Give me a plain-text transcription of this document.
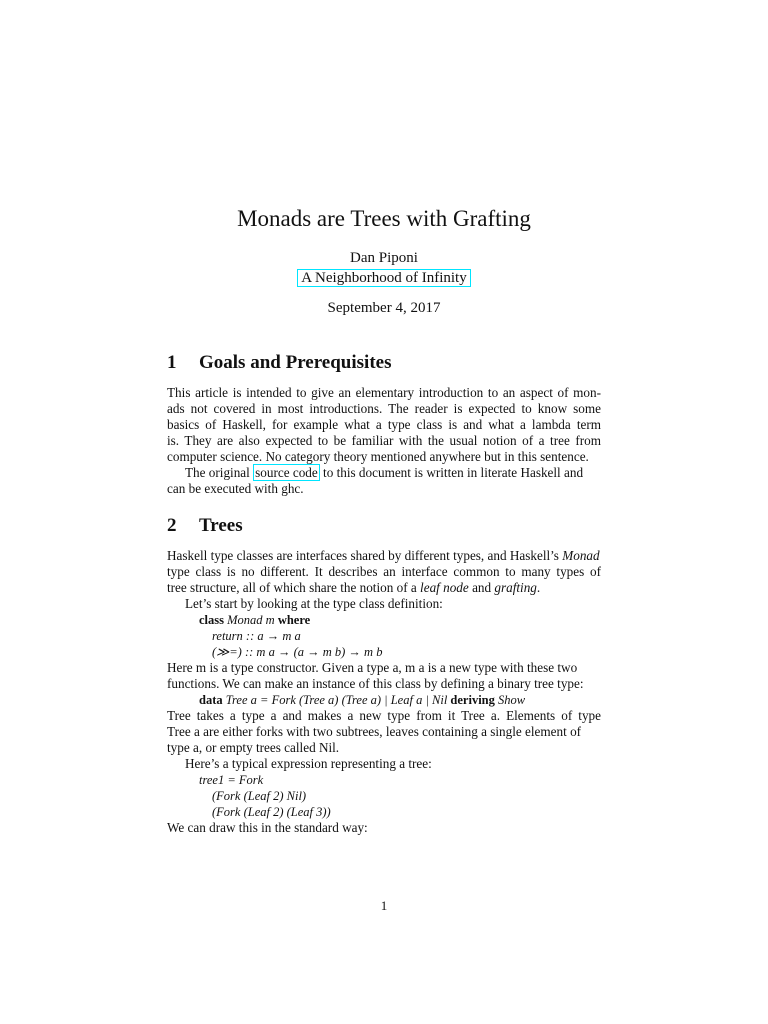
Monads are Trees with Grafting
Dan Piponi
A Neighborhood of Infinity
September 4, 2017
1 Goals and Prerequisites
This article is intended to give an elementary introduction to an aspect of mon-
ads not covered in most introductions. The reader is expected to know some
basics of Haskell, for example what a type class is and what a lambda term
is. They are also expected to be familiar with the usual notion of a tree from
computer science. No category theory mentioned anywhere but in this sentence.
The original source code to this document is written in literate Haskell and
can be executed with ghc.
2 Trees
Haskell type classes are interfaces shared by different types, and Haskell’s Monad
type class is no different. It describes an interface common to many types of
tree structure, all of which share the notion of a leaf node and grafting.
Let’s start by looking at the type class definition:
class Monad m where
return :: a → m a
(≫=) :: m a → (a → m b) → m b
Here m is a type constructor. Given a type a, m a is a new type with these two
functions. We can make an instance of this class by defining a binary tree type:
data Tree a = Fork (Tree a) (Tree a) | Leaf a | Nil deriving Show
Tree takes a type a and makes a new type from it Tree a. Elements of type
Tree a are either forks with two subtrees, leaves containing a single element of
type a, or empty trees called Nil.
Here’s a typical expression representing a tree:
tree1 = Fork
(Fork (Leaf 2) Nil)
(Fork (Leaf 2) (Leaf 3))
We can draw this in the standard way:
1
